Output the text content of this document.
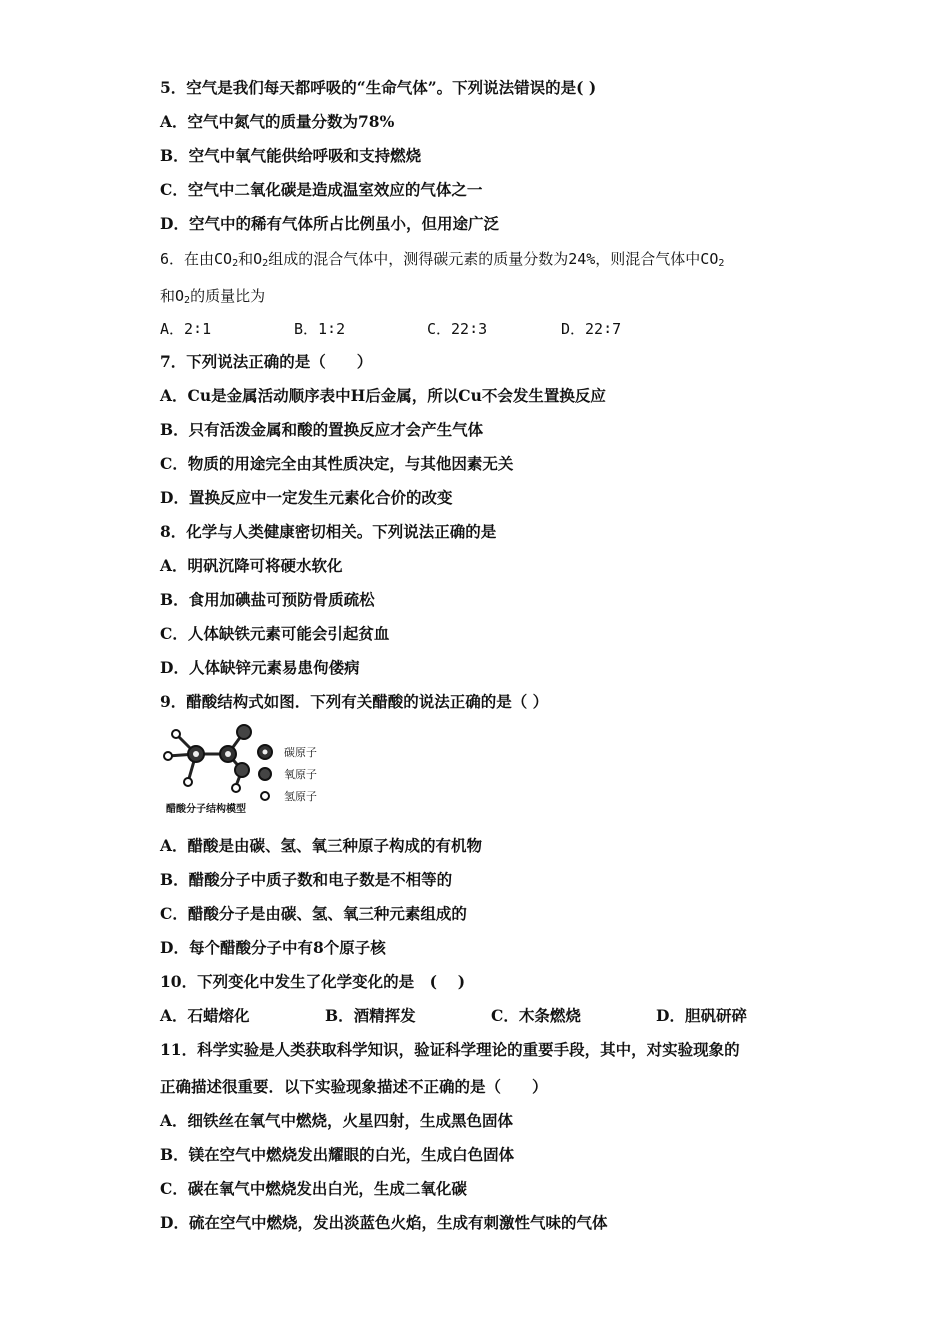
5．空气是我们每天都呼吸的“生命气体”。下列说法错误的是( )
A．空气中氮气的质量分数为78%
B．空气中氧气能供给呼吸和支持燃烧
C．空气中二氧化碳是造成温室效应的气体之一
D．空气中的稀有气体所占比例虽小，但用途广泛
6．在由$CO_2$和$O_2$组成的混合气体中，测得碳元素的质量分数为24%，则混合气体中$CO_2$
和$O_2$的质量比为
A．2∶1	B．1∶2	C．22∶3	D．22∶7
7．下列说法正确的是（　　）
A．Cu是金属活动顺序表中H后金属，所以Cu不会发生置换反应
B．只有活泼金属和酸的置换反应才会产生气体
C．物质的用途完全由其性质决定，与其他因素无关
D．置换反应中一定发生元素化合价的改变
8．化学与人类健康密切相关。下列说法正确的是
A．明矾沉降可将硬水软化
B．食用加碘盐可预防骨质疏松
C．人体缺铁元素可能会引起贫血
D．人体缺锌元素易患佝偻病
9．醋酸结构式如图．下列有关醋酸的说法正确的是（ ）
碳原子
氧原子
氢原子
醋酸分子结构模型
A．醋酸是由碳、氢、氧三种原子构成的有机物
B．醋酸分子中质子数和电子数是不相等的
C．醋酸分子是由碳、氢、氧三种元素组成的
D．每个醋酸分子中有8个原子核
10．下列变化中发生了化学变化的是　(　 )
A．石蜡熔化	B．酒精挥发	C．木条燃烧	D．胆矾研碎
11．科学实验是人类获取科学知识，验证科学理论的重要手段，其中，对实验现象的
正确描述很重要．以下实验现象描述不正确的是（　　）
A．细铁丝在氧气中燃烧，火星四射，生成黑色固体
B．镁在空气中燃烧发出耀眼的白光，生成白色固体
C．碳在氧气中燃烧发出白光，生成二氧化碳
D．硫在空气中燃烧，发出淡蓝色火焰，生成有刺激性气味的气体
